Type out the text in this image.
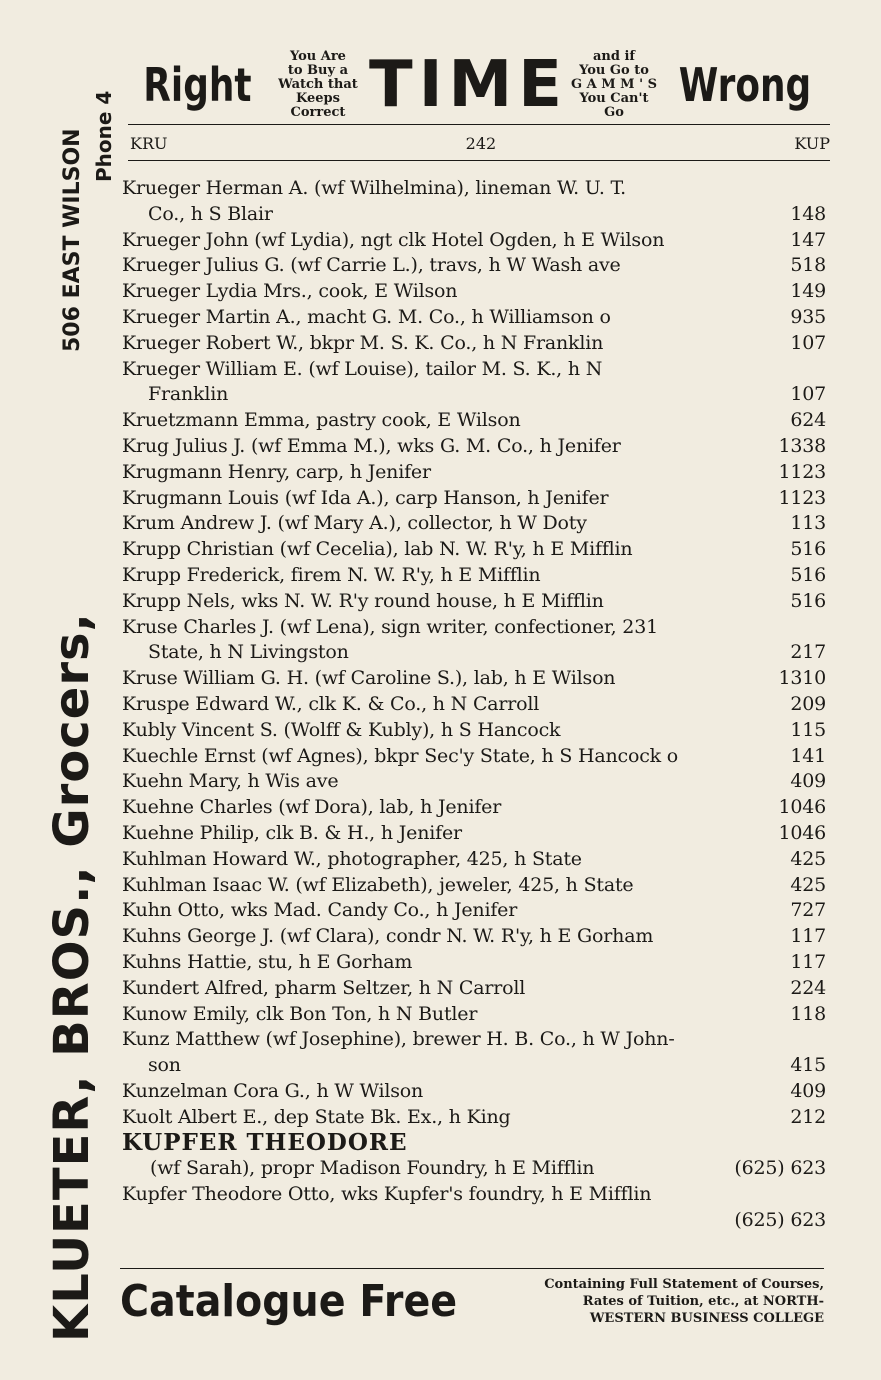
KLUETER, BROS., Grocers,
506 EAST WILSON Phone 4
Right
You Are
to Buy a
Watch that
Keeps Correct TIME	and if
You Go to
G A M M ' S
You Can't Go
Wrong
KRU	242	KUP
Krueger Herman A. (wf Wilhelmina), lineman W. U. T.
Co., h S Blair	148
Krueger John (wf Lydia), ngt clk Hotel Ogden, h E Wilson	147
Krueger Julius G. (wf Carrie L.), travs, h W Wash ave	518
Krueger Lydia Mrs., cook, E Wilson	149
Krueger Martin A., macht G. M. Co., h Williamson o	935
Krueger Robert W., bkpr M. S. K. Co., h N Franklin	107
Krueger William E. (wf Louise), tailor M. S. K., h N
Franklin	107
Kruetzmann Emma, pastry cook, E Wilson	624
Krug Julius J. (wf Emma M.), wks G. M. Co., h Jenifer	1338
Krugmann Henry, carp, h Jenifer	1123
Krugmann Louis (wf Ida A.), carp Hanson, h Jenifer	1123
Krum Andrew J. (wf Mary A.), collector, h W Doty	113
Krupp Christian (wf Cecelia), lab N. W. R'y, h E Mifflin	516
Krupp Frederick, firem N. W. R'y, h E Mifflin	516
Krupp Nels, wks N. W. R'y round house, h E Mifflin	516
Kruse Charles J. (wf Lena), sign writer, confectioner, 231
State, h N Livingston	217
Kruse William G. H. (wf Caroline S.), lab, h E Wilson	1310
Kruspe Edward W., clk K. & Co., h N Carroll	209
Kubly Vincent S. (Wolff & Kubly), h S Hancock	115
Kuechle Ernst (wf Agnes), bkpr Sec'y State, h S Hancock o	141
Kuehn Mary, h Wis ave	409
Kuehne Charles (wf Dora), lab, h Jenifer	1046
Kuehne Philip, clk B. & H., h Jenifer	1046
Kuhlman Howard W., photographer, 425, h State	425
Kuhlman Isaac W. (wf Elizabeth), jeweler, 425, h State	425
Kuhn Otto, wks Mad. Candy Co., h Jenifer	727
Kuhns George J. (wf Clara), condr N. W. R'y, h E Gorham	117
Kuhns Hattie, stu, h E Gorham	117
Kundert Alfred, pharm Seltzer, h N Carroll	224
Kunow Emily, clk Bon Ton, h N Butler	118
Kunz Matthew (wf Josephine), brewer H. B. Co., h W John-
son	415
Kunzelman Cora G., h W Wilson	409
Kuolt Albert E., dep State Bk. Ex., h King	212
KUPFER THEODORE
(wf Sarah), propr Madison Foundry, h E Mifflin	(625) 623
Kupfer Theodore Otto, wks Kupfer's foundry, h E Mifflin
(625) 623
Catalogue Free	Containing Full Statement of Courses,
Rates of Tuition, etc., at NORTH-
WESTERN BUSINESS COLLEGE
